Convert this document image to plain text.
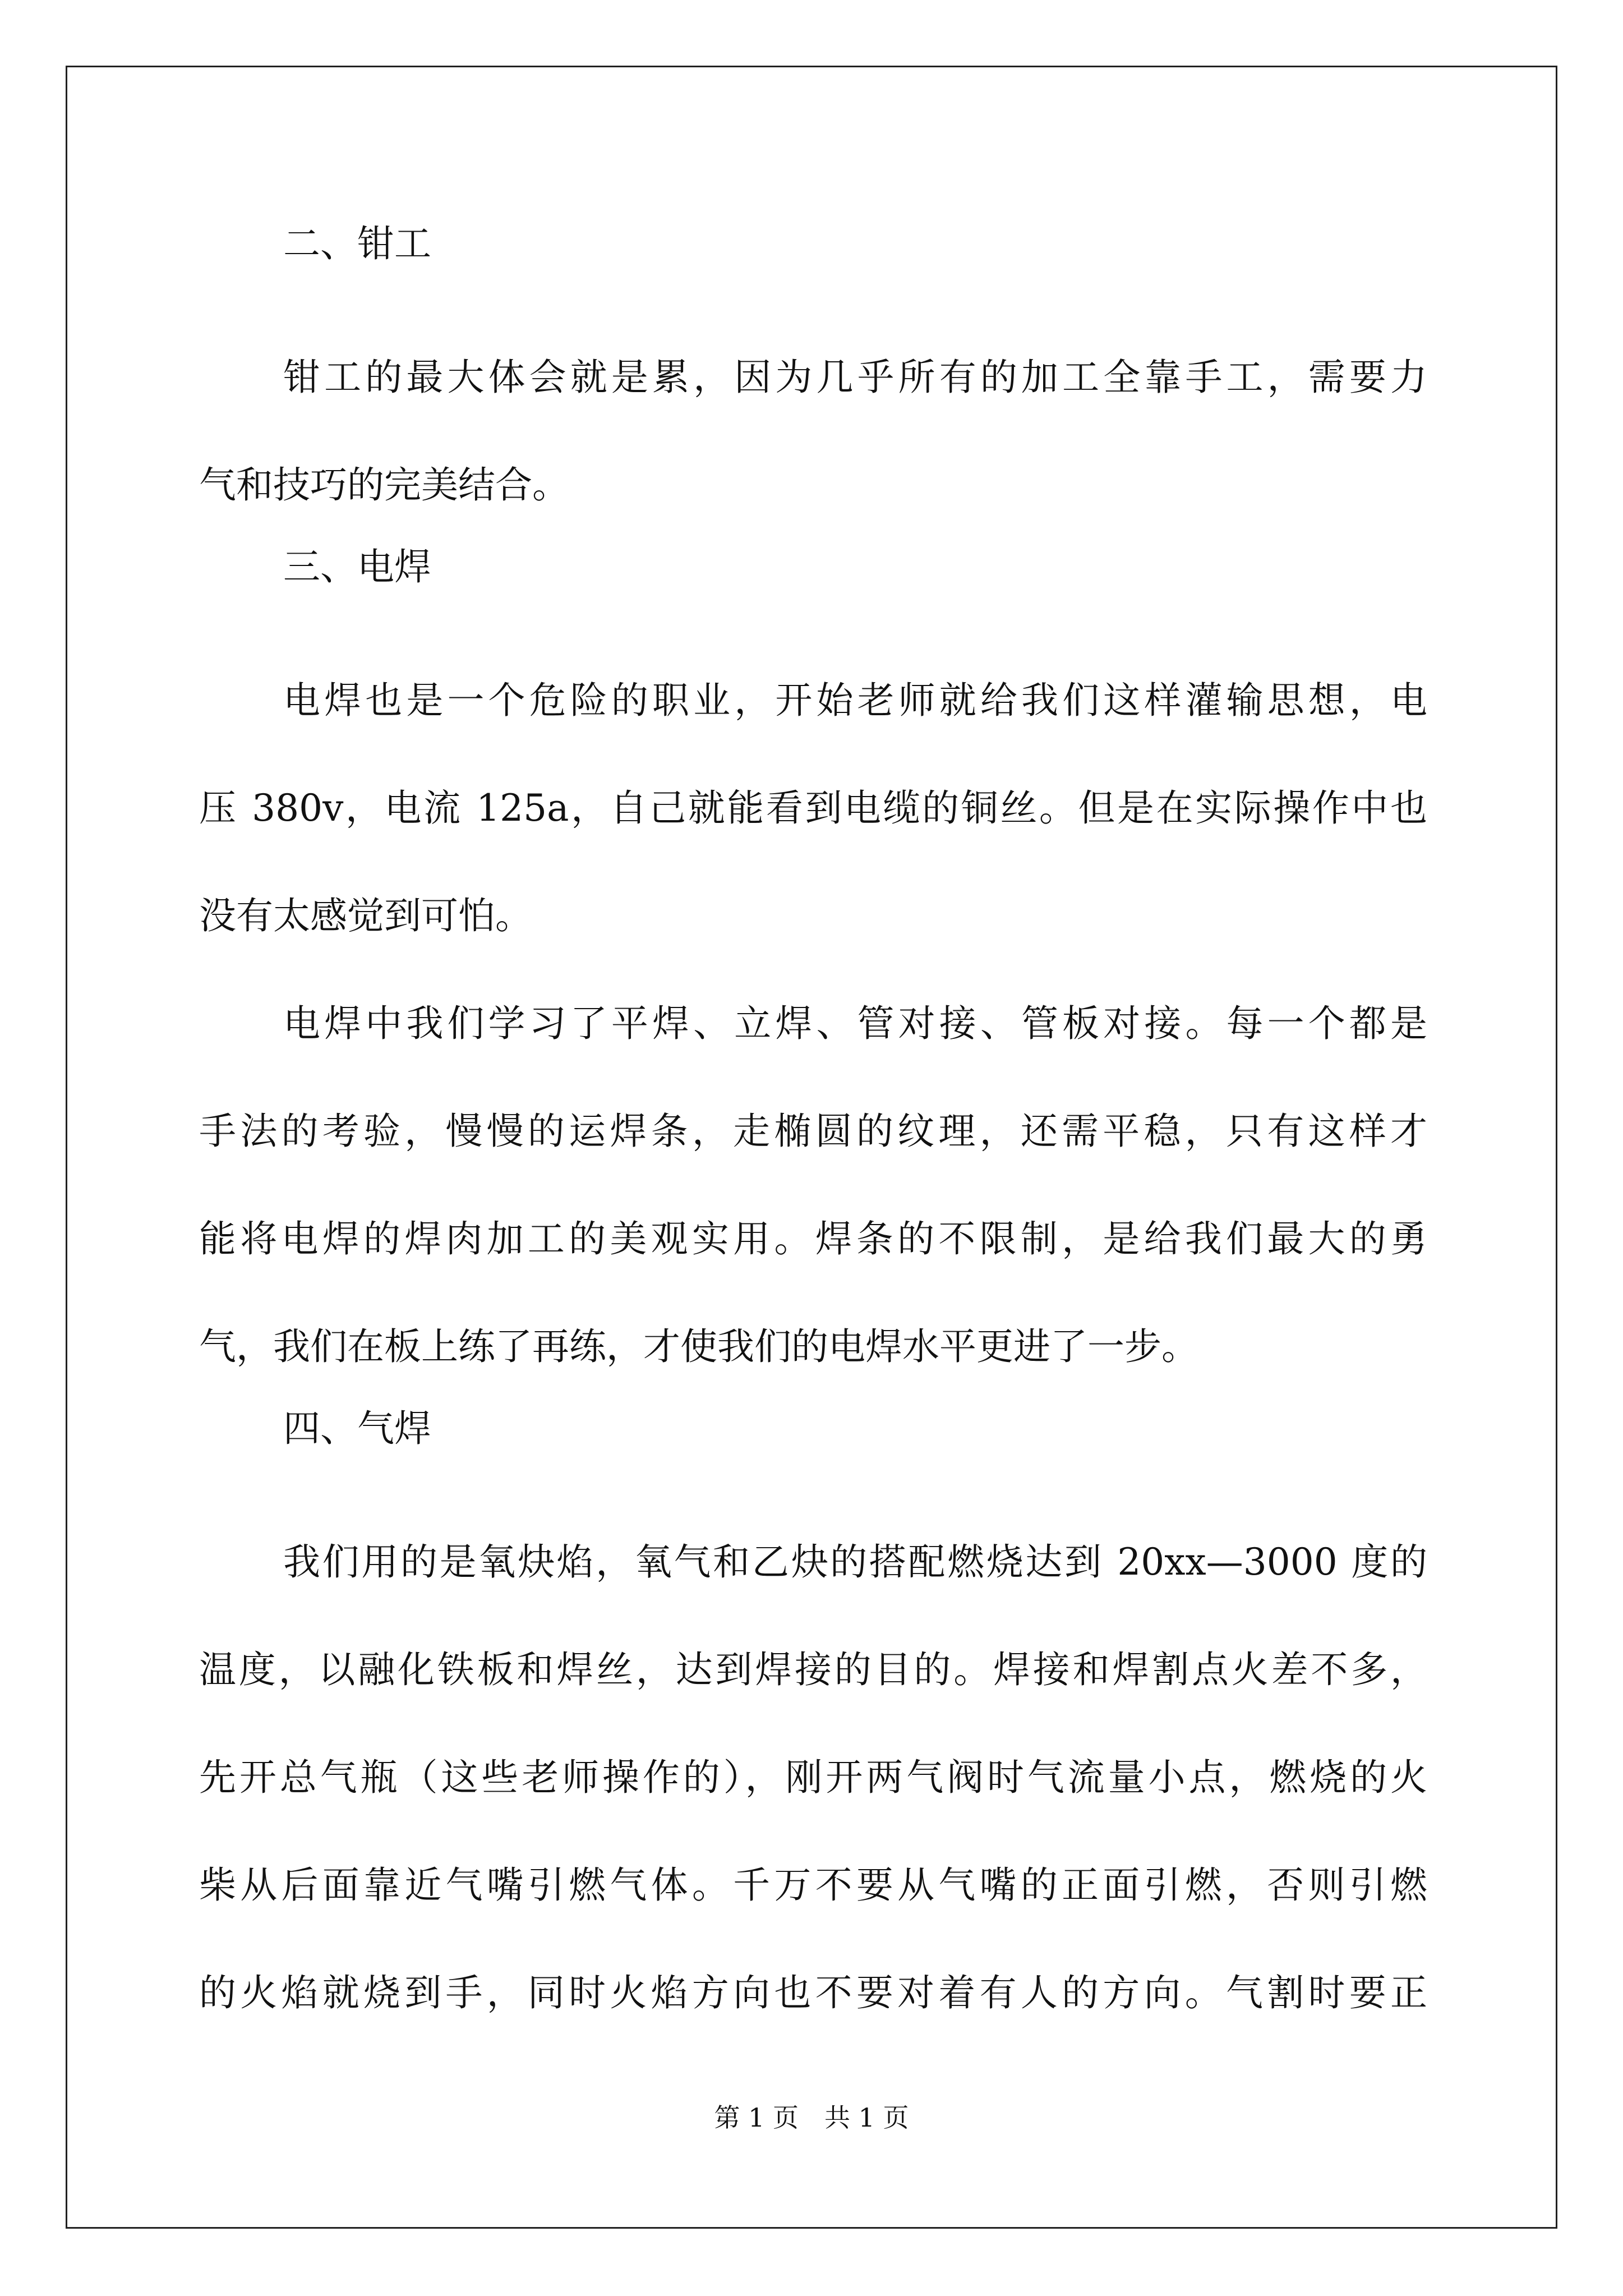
二、钳工

钳工的最大体会就是累，因为几乎所有的加工全靠手工，需要力
气和技巧的完美结合。

三、电焊

电焊也是一个危险的职业，开始老师就给我们这样灌输思想，电
压 380v，电流 125a，自己就能看到电缆的铜丝。但是在实际操作中也
没有太感觉到可怕。

电焊中我们学习了平焊、立焊、管对接、管板对接。每一个都是
手法的考验，慢慢的运焊条，走椭圆的纹理，还需平稳，只有这样才
能将电焊的焊肉加工的美观实用。焊条的不限制，是给我们最大的勇
气，我们在板上练了再练，才使我们的电焊水平更进了一步。

四、气焊

我们用的是氧炔焰，氧气和乙炔的搭配燃烧达到 20xx—3000 度的
温度，以融化铁板和焊丝，达到焊接的目的。焊接和焊割点火差不多，
先开总气瓶（这些老师操作的），刚开两气阀时气流量小点，燃烧的火
柴从后面靠近气嘴引燃气体。千万不要从气嘴的正面引燃，否则引燃
的火焰就烧到手，同时火焰方向也不要对着有人的方向。气割时要正

第 1 页　共 1 页
